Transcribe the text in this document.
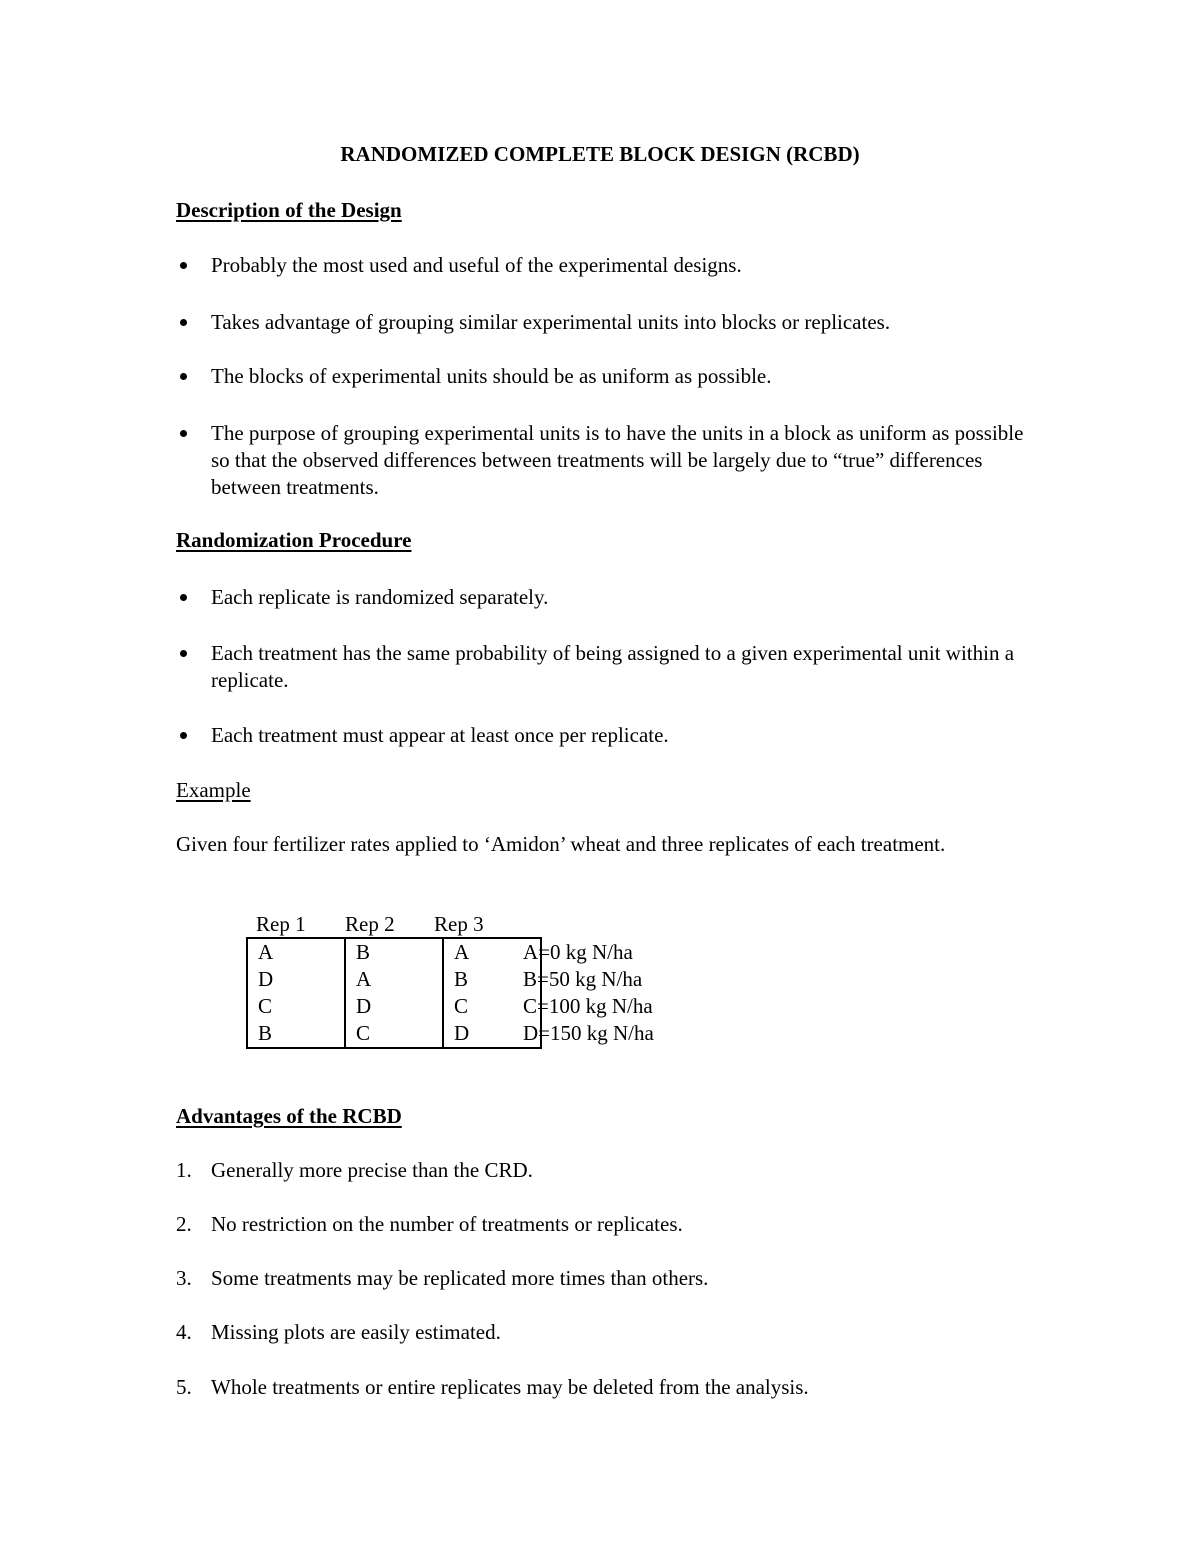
RANDOMIZED COMPLETE BLOCK DESIGN (RCBD)
Description of the Design
Probably the most used and useful of the experimental designs.
Takes advantage of grouping similar experimental units into blocks or replicates.
The blocks of experimental units should be as uniform as possible.
The purpose of grouping experimental units is to have the units in a block as uniform as possible so that the observed differences between treatments will be largely due to “true” differences between treatments.
Randomization Procedure
Each replicate is randomized separately.
Each treatment has the same probability of being assigned to a given experimental unit within a replicate.
Each treatment must appear at least once per replicate.
Example
Given four fertilizer rates applied to ‘Amidon’ wheat and three replicates of each treatment.
Rep 1 Rep 2 Rep 3
A	B	A
D	A	B
C	D	C
B	C	D
A=0 kg N/ha
B=50 kg N/ha
C=100 kg N/ha
D=150 kg N/ha
Advantages of the RCBD
1. Generally more precise than the CRD.
2. No restriction on the number of treatments or replicates.
3. Some treatments may be replicated more times than others.
4. Missing plots are easily estimated.
5. Whole treatments or entire replicates may be deleted from the analysis.
